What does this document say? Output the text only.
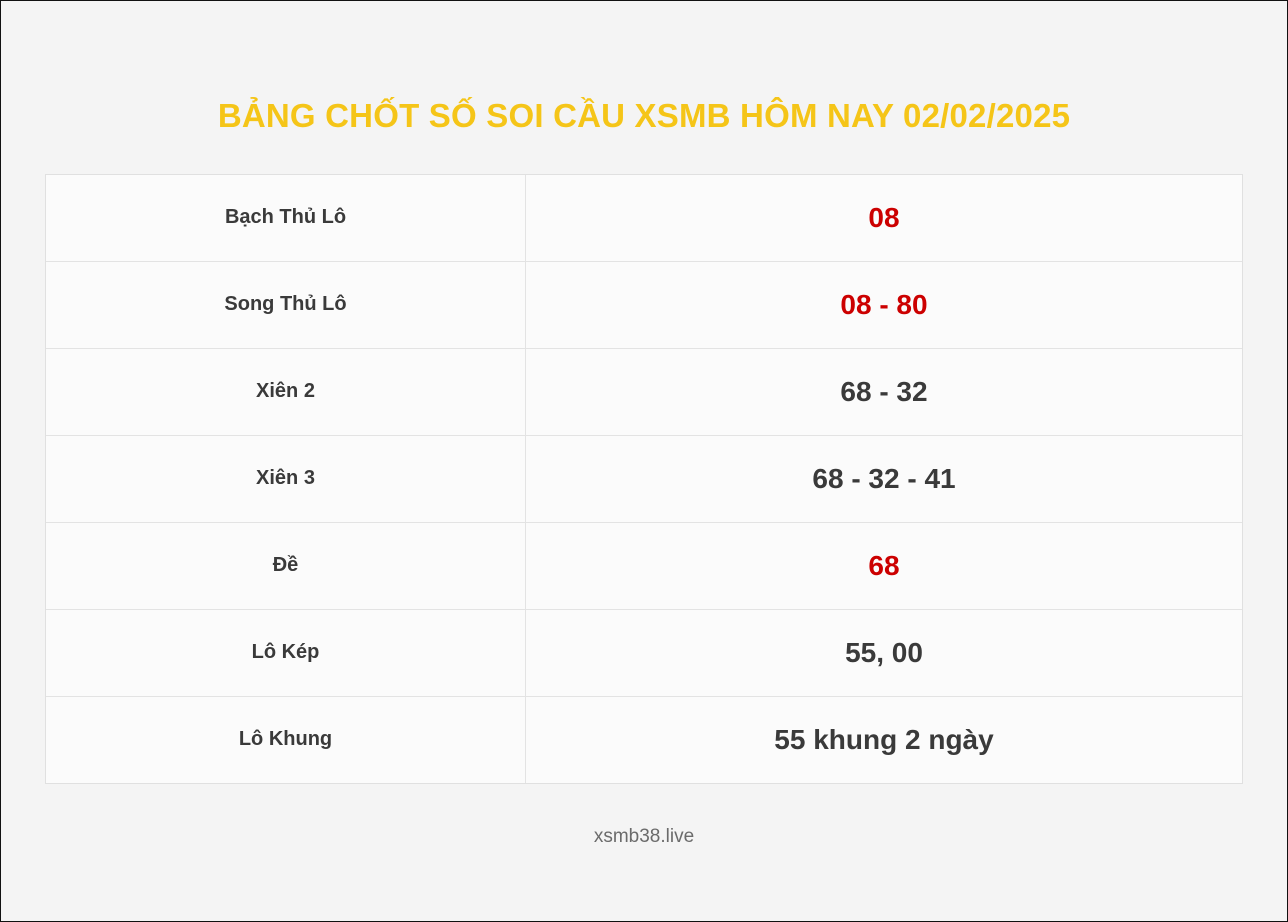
BẢNG CHỐT SỐ SOI CẦU XSMB HÔM NAY 02/02/2025
Bạch Thủ Lô	08
Song Thủ Lô	08 - 80
Xiên 2	68 - 32
Xiên 3	68 - 32 - 41
Đề	68
Lô Kép	55, 00
Lô Khung	55 khung 2 ngày
xsmb38.live
